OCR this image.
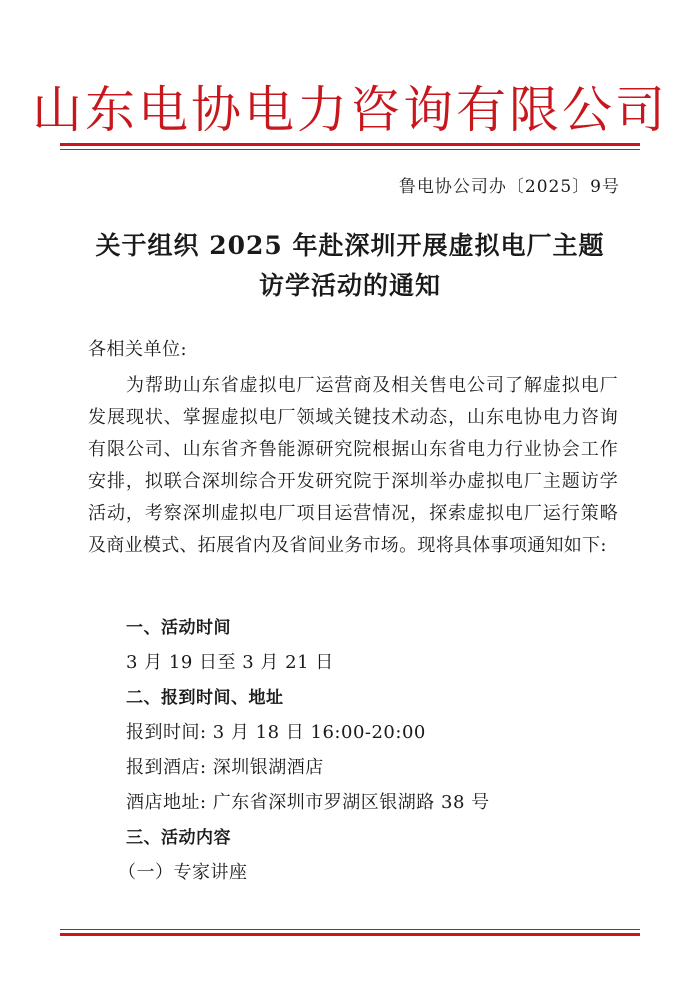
山东电协电力咨询有限公司
鲁电协公司办〔2025〕9号
关于组织 2025 年赴深圳开展虚拟电厂主题
访学活动的通知
各相关单位:
为帮助山东省虚拟电厂运营商及相关售电公司了解虚拟电厂发展现状、掌握虚拟电厂领域关键技术动态，山东电协电力咨询有限公司、山东省齐鲁能源研究院根据山东省电力行业协会工作安排，拟联合深圳综合开发研究院于深圳举办虚拟电厂主题访学活动，考察深圳虚拟电厂项目运营情况，探索虚拟电厂运行策略及商业模式、拓展省内及省间业务市场。现将具体事项通知如下:
一、活动时间
3 月 19 日至 3 月 21 日
二、报到时间、地址
报到时间: 3 月 18 日 16:00-20:00
报到酒店: 深圳银湖酒店
酒店地址: 广东省深圳市罗湖区银湖路 38 号
三、活动内容
（一）专家讲座
